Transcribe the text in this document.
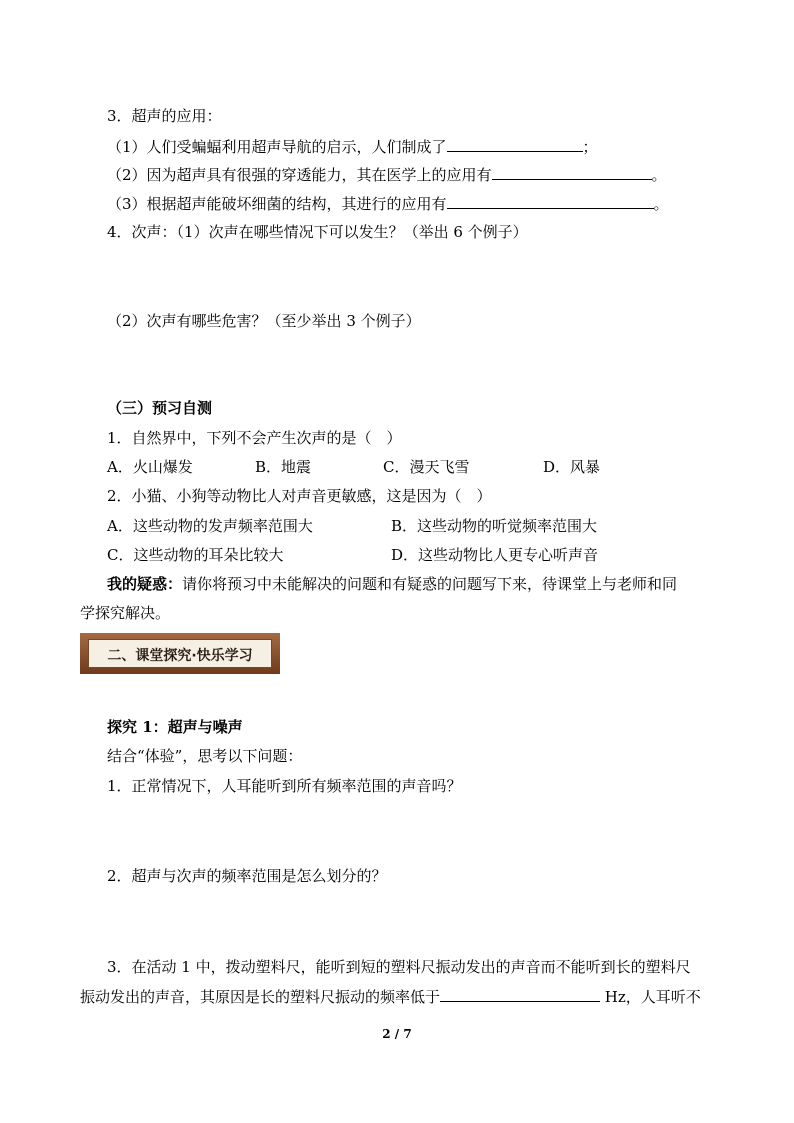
3．超声的应用：
（1）人们受蝙蝠利用超声导航的启示，人们制成了	；
（2）因为超声具有很强的穿透能力，其在医学上的应用有	。
（3）根据超声能破坏细菌的结构，其进行的应用有	。
4．次声：（1）次声在哪些情况下可以发生？（举出 6 个例子）
（2）次声有哪些危害？（至少举出 3 个例子）
（三）预习自测
1．自然界中，下列不会产生次声的是（　）
A．火山爆发	B．地震	C．漫天飞雪	D．风暴
2．小猫、小狗等动物比人对声音更敏感，这是因为（　）
A．这些动物的发声频率范围大	B．这些动物的听觉频率范围大
C．这些动物的耳朵比较大	D．这些动物比人更专心听声音
我的疑惑：请你将预习中未能解决的问题和有疑惑的问题写下来，待课堂上与老师和同
学探究解决。
二、课堂探究·快乐学习
探究 1：超声与噪声
结合“体验”，思考以下问题：
1．正常情况下，人耳能听到所有频率范围的声音吗？
2．超声与次声的频率范围是怎么划分的？
3．在活动 1 中，拨动塑料尺，能听到短的塑料尺振动发出的声音而不能听到长的塑料尺
振动发出的声音，其原因是长的塑料尺振动的频率低于	Hz，人耳听不
2 / 7
